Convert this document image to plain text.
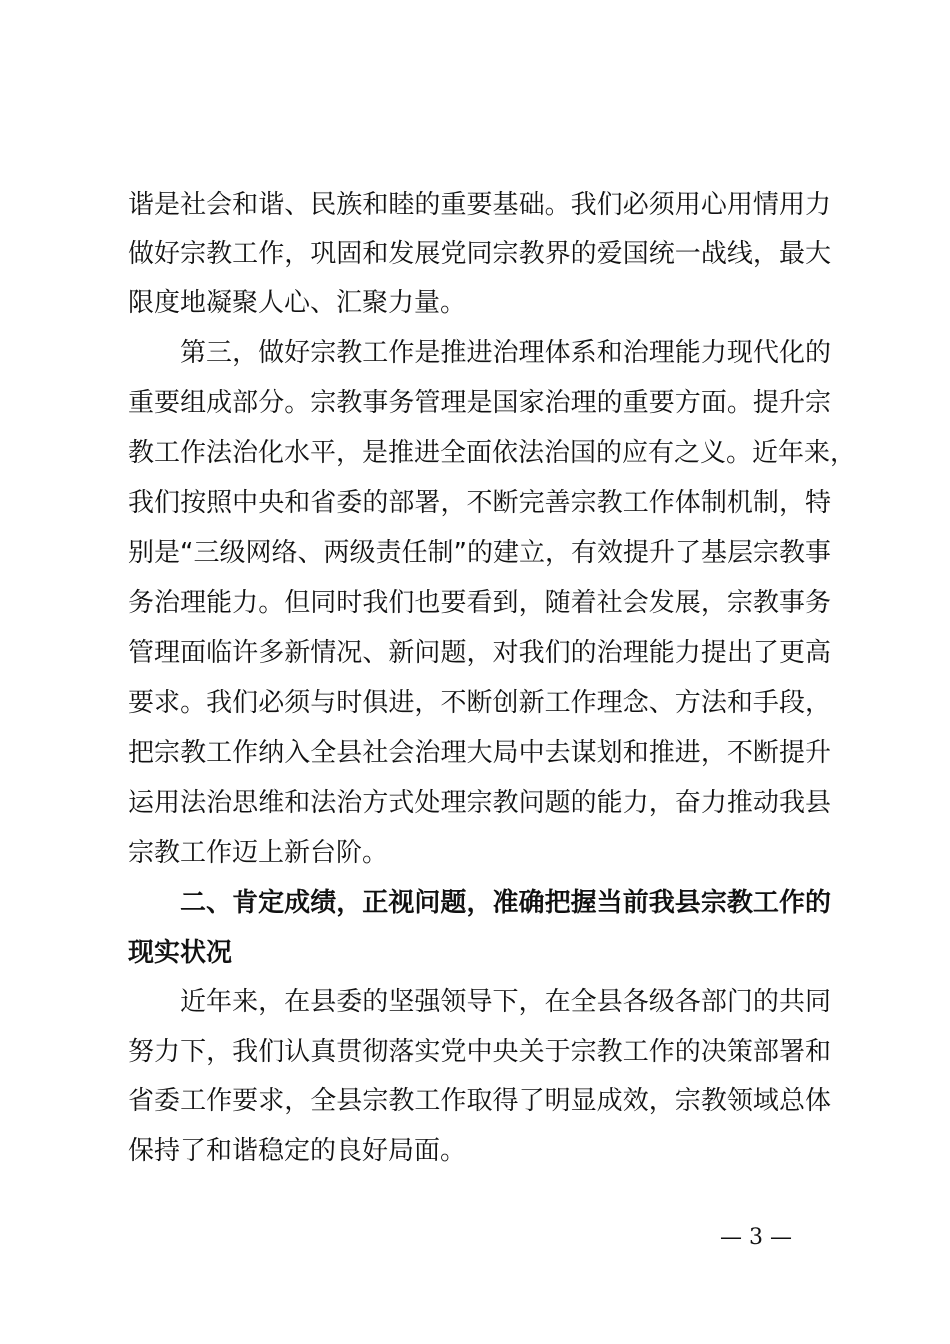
谐是社会和谐、民族和睦的重要基础。我们必须用心用情用力
做好宗教工作，巩固和发展党同宗教界的爱国统一战线，最大
限度地凝聚人心、汇聚力量。
第三，做好宗教工作是推进治理体系和治理能力现代化的
重要组成部分。宗教事务管理是国家治理的重要方面。提升宗
教工作法治化水平，是推进全面依法治国的应有之义。近年来，
我们按照中央和省委的部署，不断完善宗教工作体制机制，特
别是“三级网络、两级责任制”的建立，有效提升了基层宗教事
务治理能力。但同时我们也要看到，随着社会发展，宗教事务
管理面临许多新情况、新问题，对我们的治理能力提出了更高
要求。我们必须与时俱进，不断创新工作理念、方法和手段，
把宗教工作纳入全县社会治理大局中去谋划和推进，不断提升
运用法治思维和法治方式处理宗教问题的能力，奋力推动我县
宗教工作迈上新台阶。
二、肯定成绩，正视问题，准确把握当前我县宗教工作的
现实状况
近年来，在县委的坚强领导下，在全县各级各部门的共同
努力下，我们认真贯彻落实党中央关于宗教工作的决策部署和
省委工作要求，全县宗教工作取得了明显成效，宗教领域总体
保持了和谐稳定的良好局面。
— 3 —
